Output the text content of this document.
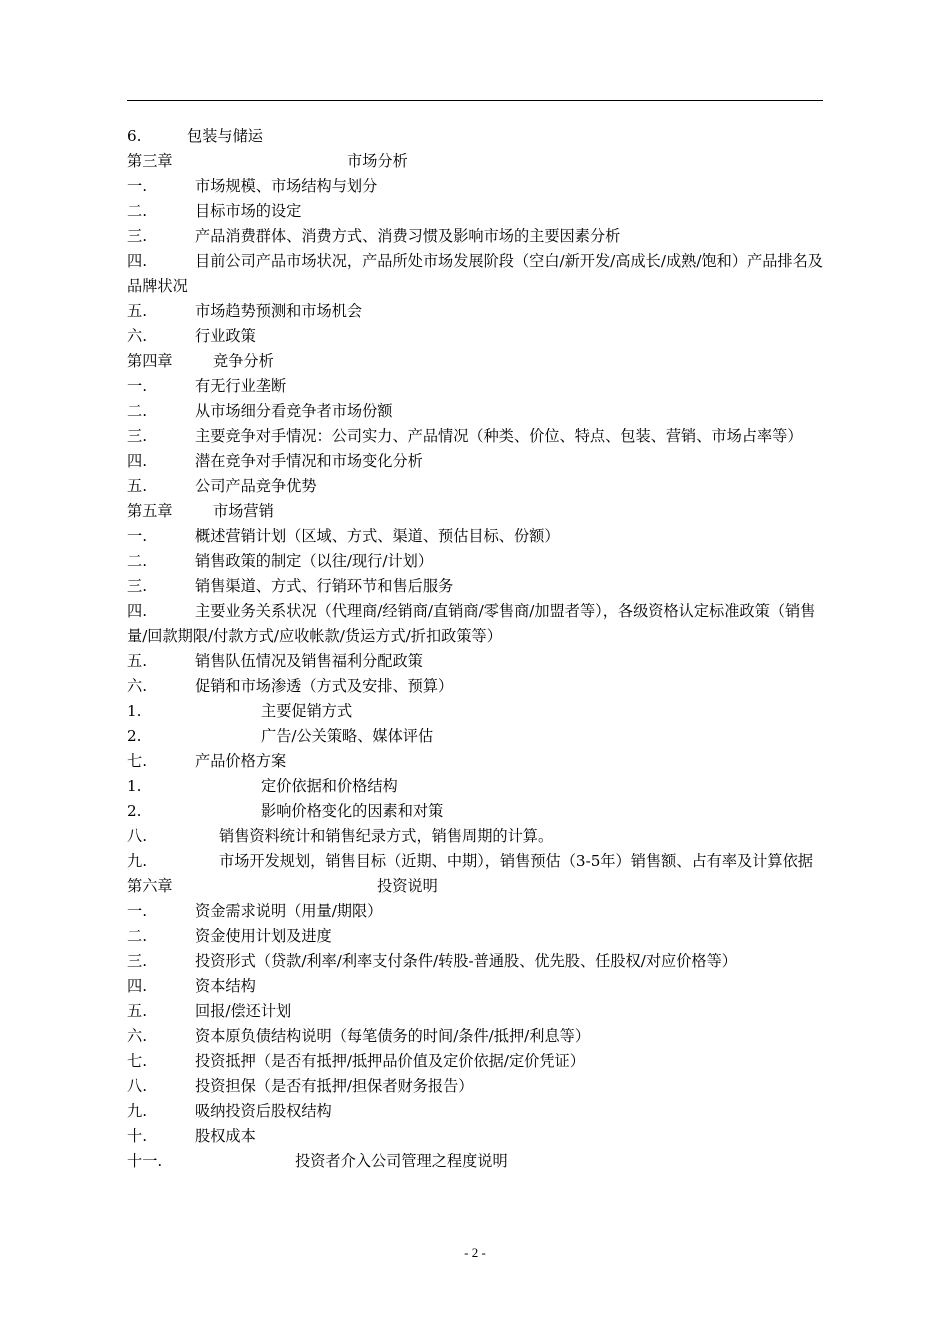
6.	包装与储运
第三章	市场分析
一.	市场规模、市场结构与划分
二.	目标市场的设定
三.	产品消费群体、消费方式、消费习惯及影响市场的主要因素分析
四.	目前公司产品市场状况，产品所处市场发展阶段（空白/新开发/高成长/成熟/饱和）产品排名及品牌状况
五.	市场趋势预测和市场机会
六.	行业政策
第四章	竞争分析
一.	有无行业垄断
二.	从市场细分看竞争者市场份额
三.	主要竞争对手情况：公司实力、产品情况（种类、价位、特点、包装、营销、市场占率等）
四.	潜在竞争对手情况和市场变化分析
五.	公司产品竞争优势
第五章	市场营销
一.	概述营销计划（区域、方式、渠道、预估目标、份额）
二.	销售政策的制定（以往/现行/计划）
三.	销售渠道、方式、行销环节和售后服务
四.	主要业务关系状况（代理商/经销商/直销商/零售商/加盟者等），各级资格认定标准政策（销售量/回款期限/付款方式/应收帐款/货运方式/折扣政策等）
五.	销售队伍情况及销售福利分配政策
六.	促销和市场渗透（方式及安排、预算）
1.	主要促销方式
2.	广告/公关策略、媒体评估
七.	产品价格方案
1.	定价依据和价格结构
2.	影响价格变化的因素和对策
八.	销售资料统计和销售纪录方式，销售周期的计算。
九.	市场开发规划，销售目标（近期、中期），销售预估（3-5年）销售额、占有率及计算依据
第六章	投资说明
一.	资金需求说明（用量/期限）
二.	资金使用计划及进度
三.	投资形式（贷款/利率/利率支付条件/转股-普通股、优先股、任股权/对应价格等）
四.	资本结构
五.	回报/偿还计划
六.	资本原负债结构说明（每笔债务的时间/条件/抵押/利息等）
七.	投资抵押（是否有抵押/抵押品价值及定价依据/定价凭证）
八.	投资担保（是否有抵押/担保者财务报告）
九.	吸纳投资后股权结构
十.	股权成本
十一.	投资者介入公司管理之程度说明
- 2 -
